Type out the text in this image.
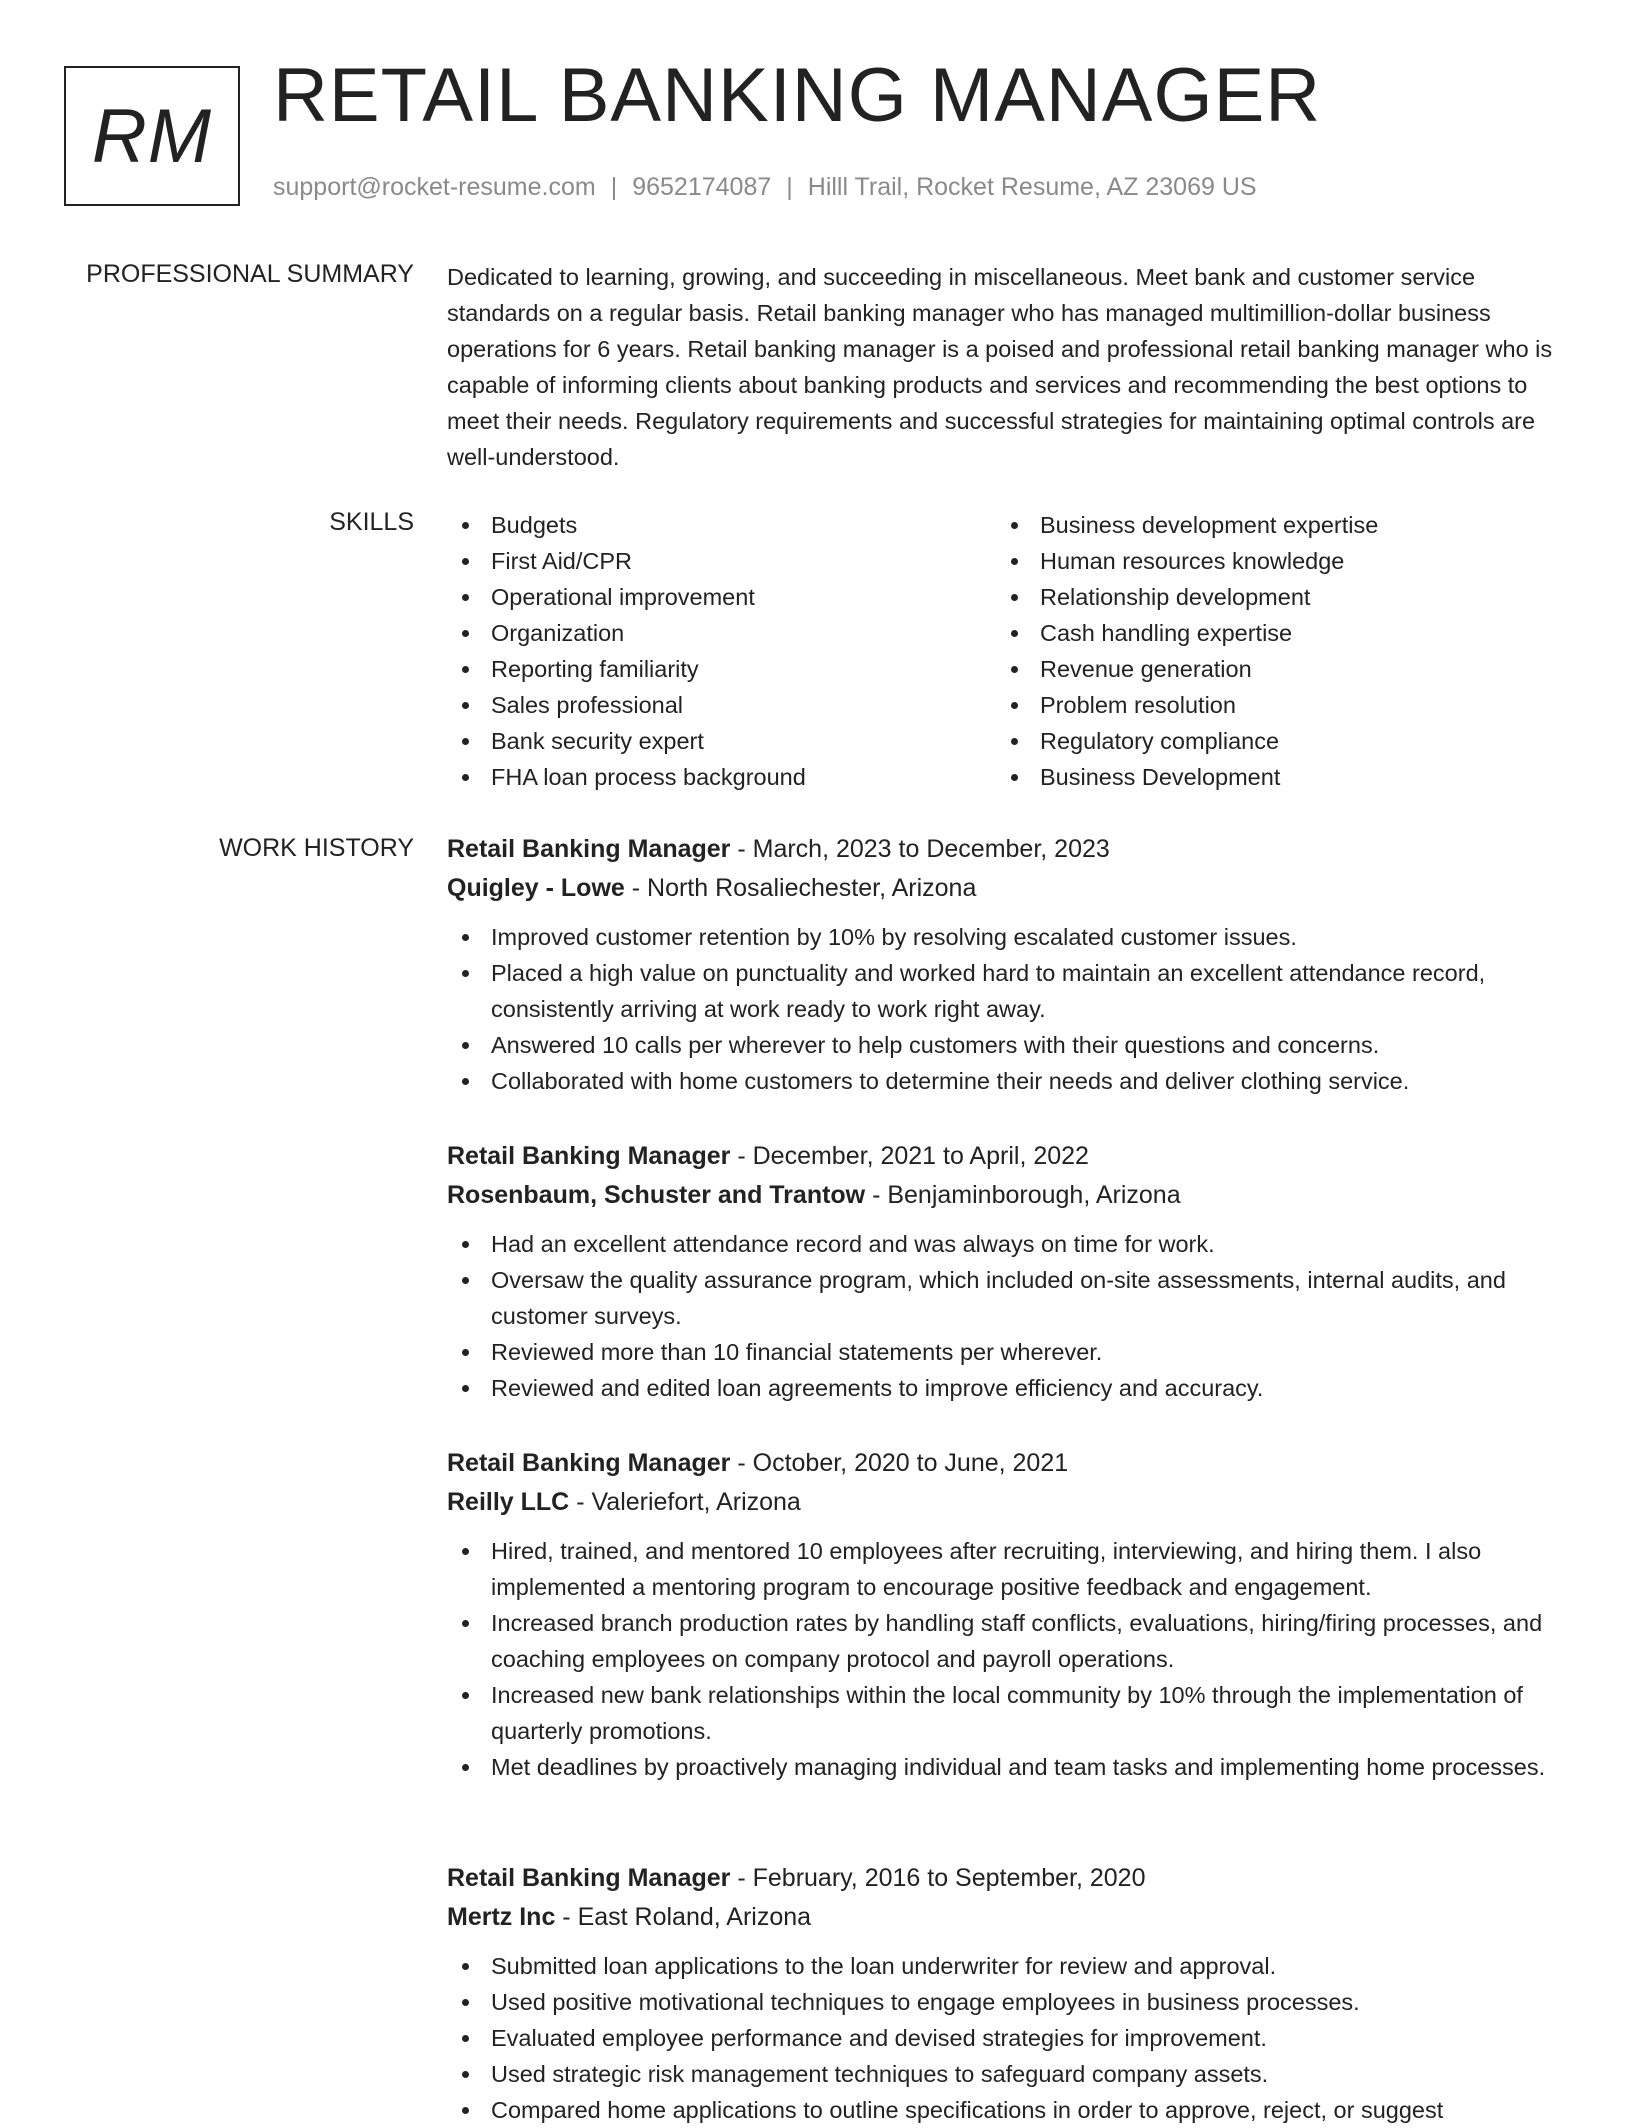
RM RETAIL BANKING MANAGER
support@rocket-resume.com | 9652174087 | Hilll Trail, Rocket Resume, AZ 23069 US
PROFESSIONAL SUMMARY Dedicated to learning, growing, and succeeding in miscellaneous. Meet bank and customer service standards on a regular basis. Retail banking manager who has managed multimillion-dollar business operations for 6 years. Retail banking manager is a poised and professional retail banking manager who is capable of informing clients about banking products and services and recommending the best options to meet their needs. Regulatory requirements and successful strategies for maintaining optimal controls are well-understood.

SKILLS	Budgets
First Aid/CPR
Operational improvement
Organization
Reporting familiarity
Sales professional
Bank security expert
FHA loan process background
Business development expertise
Human resources knowledge
Relationship development
Cash handling expertise
Revenue generation
Problem resolution
Regulatory compliance
Business Development
WORK HISTORY Retail Banking Manager - March, 2023 to December, 2023
Quigley - Lowe - North Rosaliechester, Arizona
Improved customer retention by 10% by resolving escalated customer issues.
Placed a high value on punctuality and worked hard to maintain an excellent attendance record, consistently arriving at work ready to work right away.
Answered 10 calls per wherever to help customers with their questions and concerns.
Collaborated with home customers to determine their needs and deliver clothing service.
Retail Banking Manager - December, 2021 to April, 2022
Rosenbaum, Schuster and Trantow - Benjaminborough, Arizona
Had an excellent attendance record and was always on time for work.
Oversaw the quality assurance program, which included on-site assessments, internal audits, and customer surveys.
Reviewed more than 10 financial statements per wherever.
Reviewed and edited loan agreements to improve efficiency and accuracy.
Retail Banking Manager - October, 2020 to June, 2021
Reilly LLC - Valeriefort, Arizona
Hired, trained, and mentored 10 employees after recruiting, interviewing, and hiring them. I also implemented a mentoring program to encourage positive feedback and engagement.
Increased branch production rates by handling staff conflicts, evaluations, hiring/firing processes, and coaching employees on company protocol and payroll operations.
Increased new bank relationships within the local community by 10% through the implementation of quarterly promotions.
Met deadlines by proactively managing individual and team tasks and implementing home processes.
Retail Banking Manager - February, 2016 to September, 2020
Mertz Inc - East Roland, Arizona
Submitted loan applications to the loan underwriter for review and approval.
Used positive motivational techniques to engage employees in business processes.
Evaluated employee performance and devised strategies for improvement.
Used strategic risk management techniques to safeguard company assets.
Compared home applications to outline specifications in order to approve, reject, or suggest
